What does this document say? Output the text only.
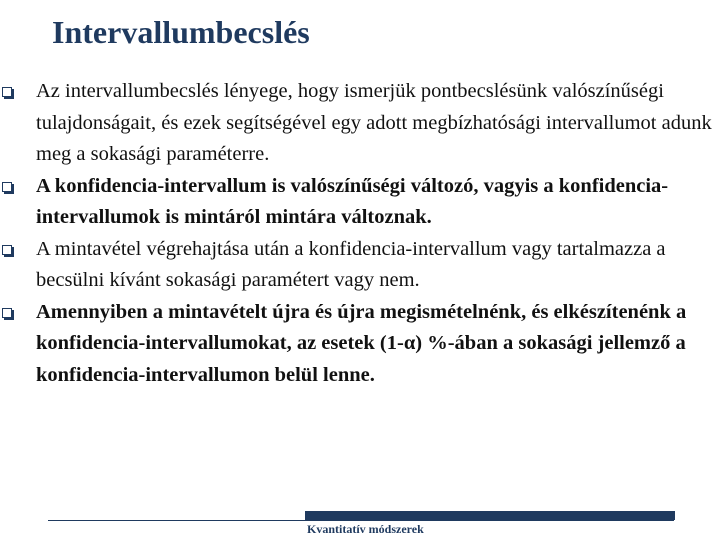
Intervallumbecslés
Az intervallumbecslés lényege, hogy ismerjük pontbecslésünk valószínűségi tulajdonságait, és ezek segítségével egy adott megbízhatósági intervallumot adunk meg a sokasági paraméterre.
A konfidencia-intervallum is valószínűségi változó, vagyis a konfidencia-intervallumok is mintáról mintára változnak.
A mintavétel végrehajtása után a konfidencia-intervallum vagy tartalmazza a becsülni kívánt sokasági paramétert vagy nem.
Amennyiben a mintavételt újra és újra megismételnénk, és elkészítenénk a konfidencia-intervallumokat, az esetek (1-α) %-ában a sokasági jellemző a konfidencia-intervallumon belül lenne.
Kvantitatív módszerek
